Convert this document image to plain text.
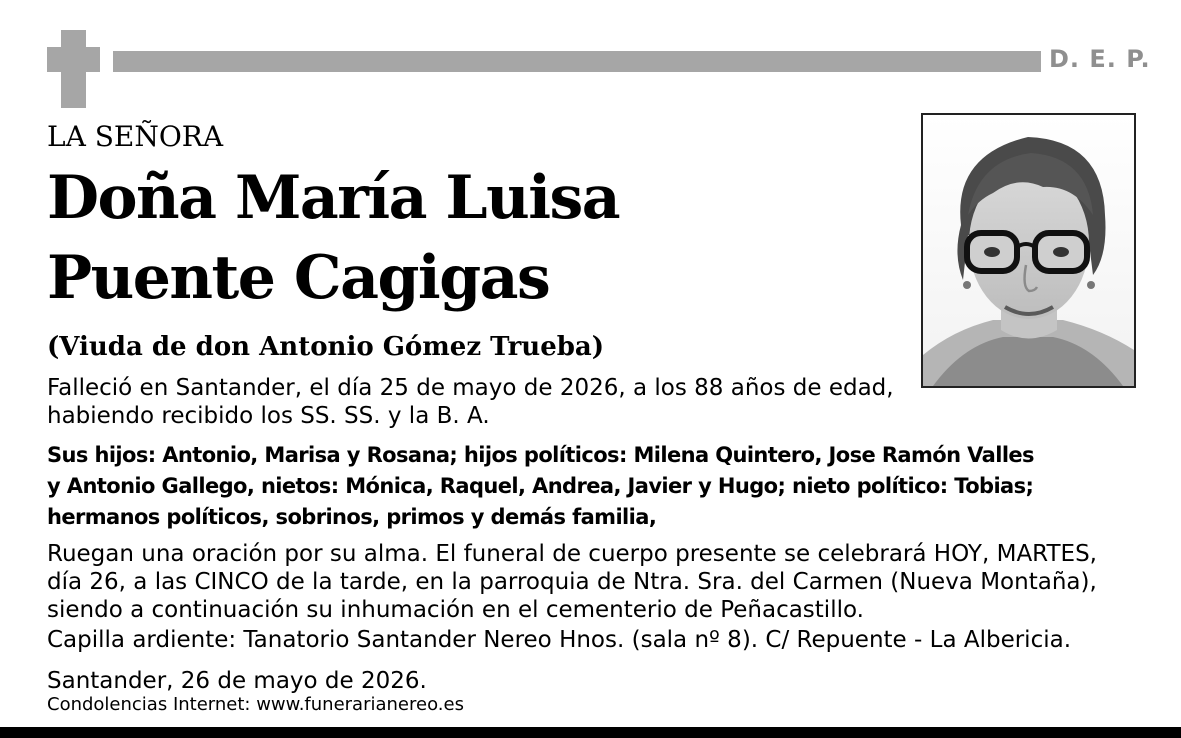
D. E. P.
LA SEÑORA
Doña María Luisa
Puente Cagigas
(Viuda de don Antonio Gómez Trueba)
Falleció en Santander, el día 25 de mayo de 2026, a los 88 años de edad,
habiendo recibido los SS. SS. y la B. A.
Sus hijos: Antonio, Marisa y Rosana; hijos políticos: Milena Quintero, Jose Ramón Valles
y Antonio Gallego, nietos: Mónica, Raquel, Andrea, Javier y Hugo; nieto político: Tobias;
hermanos políticos, sobrinos, primos y demás familia,
Ruegan una oración por su alma. El funeral de cuerpo presente se celebrará HOY, MARTES,
día 26, a las CINCO de la tarde, en la parroquia de Ntra. Sra. del Carmen (Nueva Montaña),
siendo a continuación su inhumación en el cementerio de Peñacastillo.
Capilla ardiente: Tanatorio Santander Nereo Hnos. (sala nº 8). C/ Repuente - La Albericia.
Santander, 26 de mayo de 2026.
Condolencias Internet: www.funerarianereo.es
